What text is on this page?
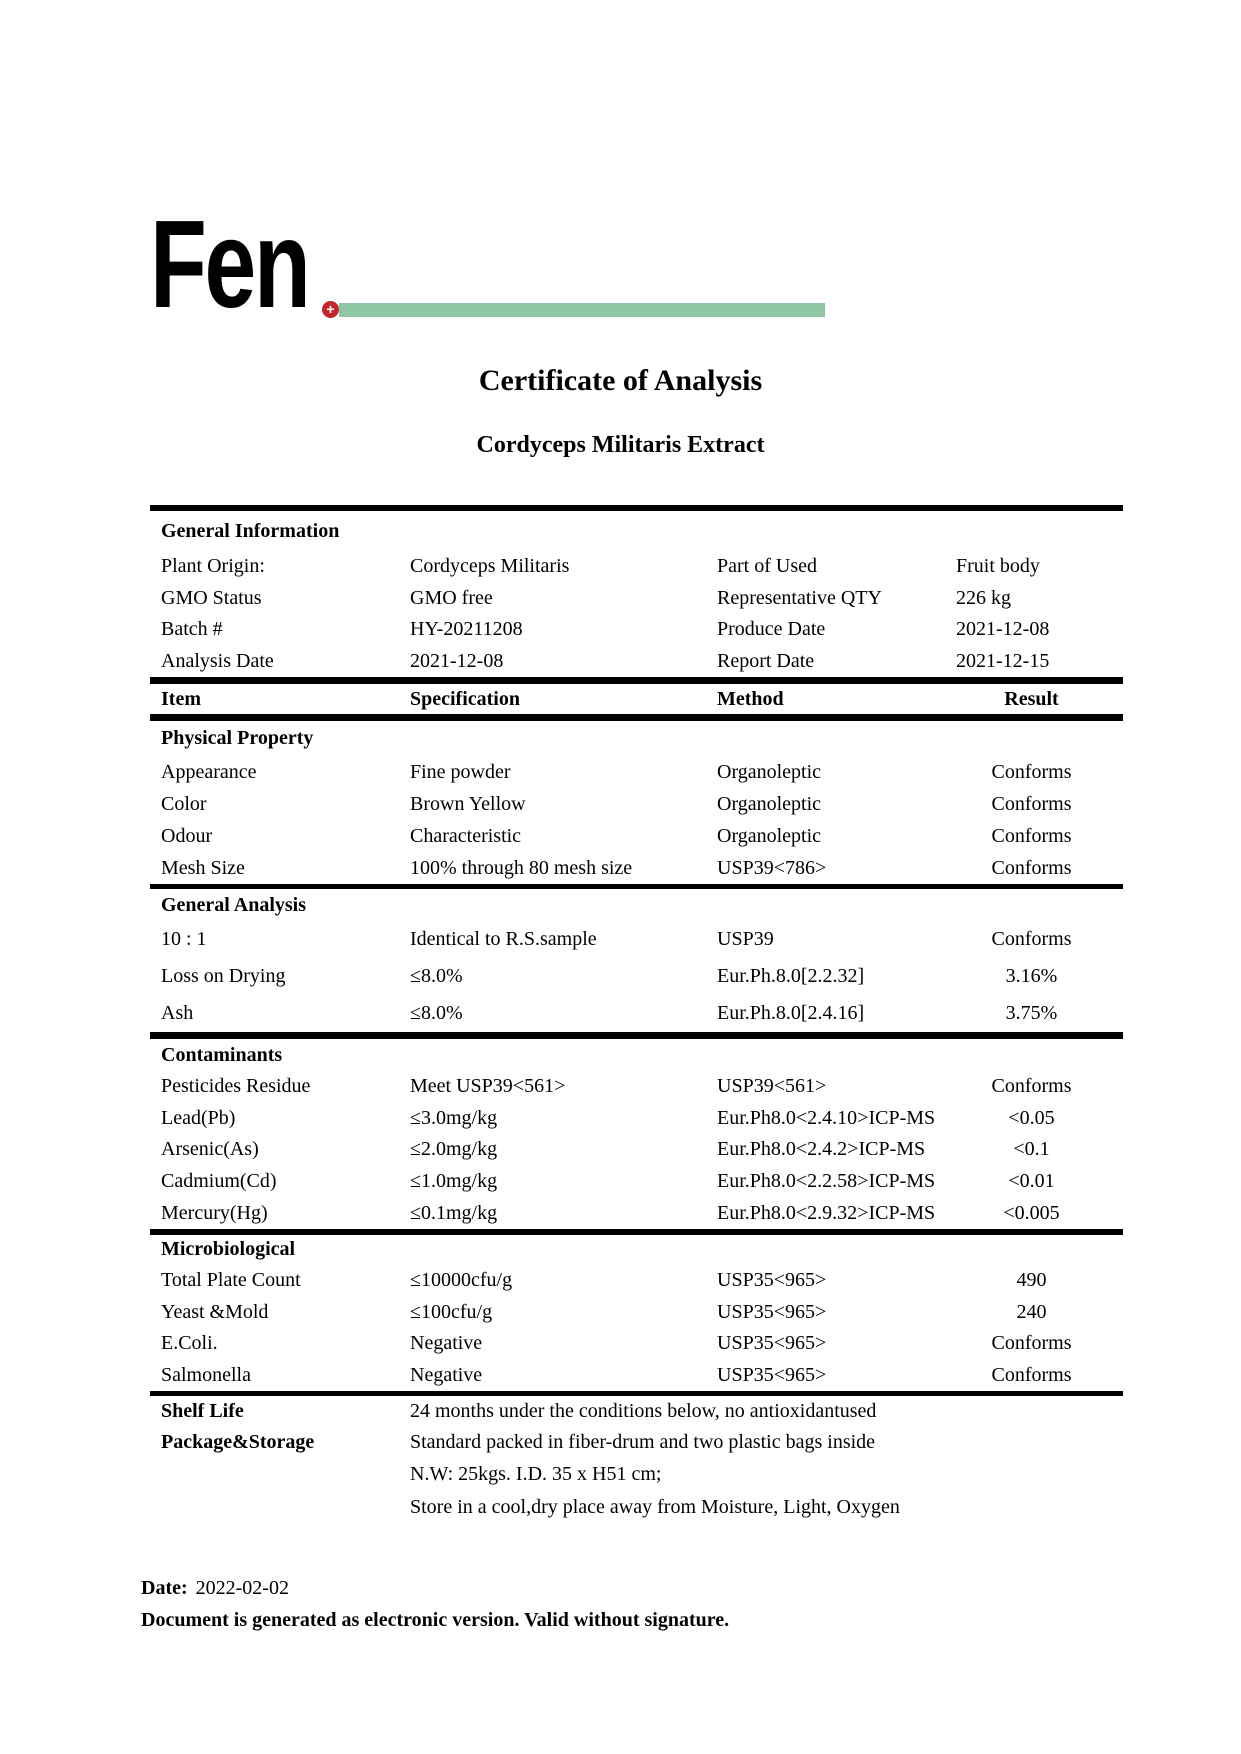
Fen	+
Certificate of Analysis
Cordyceps Militaris Extract
General Information
Plant Origin:	Cordyceps Militaris	Part of Used	Fruit body
GMO Status	GMO free	Representative QTY	226 kg
Batch #	HY-20211208	Produce Date	2021-12-08
Analysis Date	2021-12-08	Report Date	2021-12-15
Item	Specification	Method	Result
Physical Property
Appearance	Fine powder	Organoleptic	Conforms
Color	Brown Yellow	Organoleptic	Conforms
Odour	Characteristic	Organoleptic	Conforms
Mesh Size	100% through 80 mesh size	USP39<786>	Conforms
General Analysis
10 : 1	Identical to R.S.sample	USP39	Conforms
Loss on Drying	≤8.0%	Eur.Ph.8.0[2.2.32]	3.16%
Ash	≤8.0%	Eur.Ph.8.0[2.4.16]	3.75%
Contaminants
Pesticides Residue	Meet USP39<561>	USP39<561>	Conforms
Lead(Pb)	≤3.0mg/kg	Eur.Ph8.0<2.4.10>ICP-MS	<0.05
Arsenic(As)	≤2.0mg/kg	Eur.Ph8.0<2.4.2>ICP-MS	<0.1
Cadmium(Cd)	≤1.0mg/kg	Eur.Ph8.0<2.2.58>ICP-MS	<0.01
Mercury(Hg)	≤0.1mg/kg	Eur.Ph8.0<2.9.32>ICP-MS	<0.005
Microbiological
Total Plate Count	≤10000cfu/g	USP35<965>	490
Yeast &Mold	≤100cfu/g	USP35<965>	240
E.Coli.	Negative	USP35<965>	Conforms
Salmonella	Negative	USP35<965>	Conforms
Shelf Life	24 months under the conditions below, no antioxidantused
Package&Storage	Standard packed in fiber-drum and two plastic bags inside
N.W: 25kgs. I.D. 35 x H51 cm;
Store in a cool,dry place away from Moisture, Light, Oxygen
Date: 2022-02-02
Document is generated as electronic version. Valid without signature.
